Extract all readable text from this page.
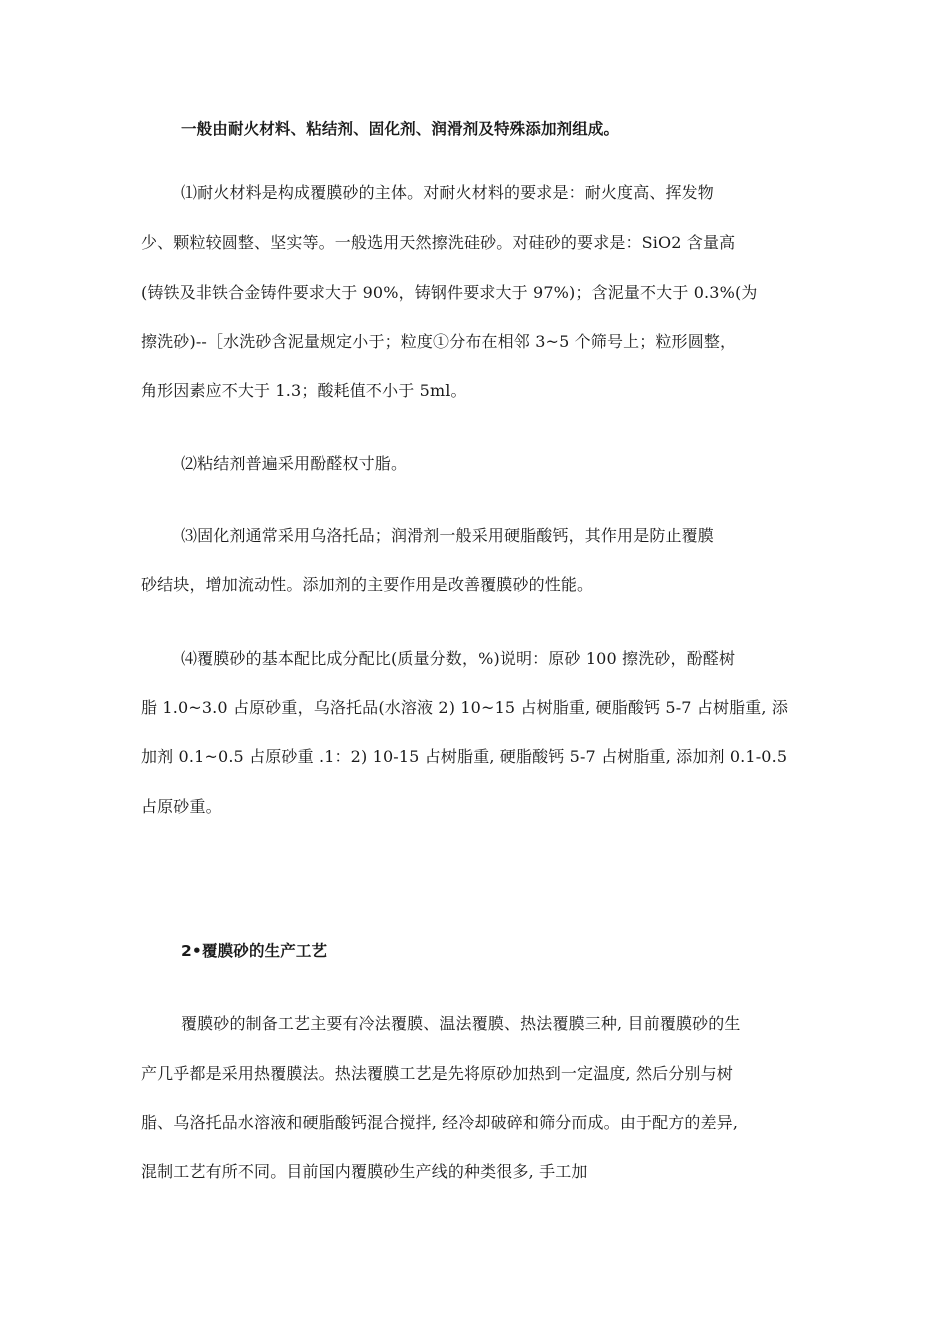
一般由耐火材料、粘结剂、固化剂、润滑剂及特殊添加剂组成。
⑴耐火材料是构成覆膜砂的主体。对耐火材料的要求是：耐火度高、挥发物
少、颗粒较圆整、坚实等。一般选用天然擦洗硅砂。对硅砂的要求是：SiO2 含量高
(铸铁及非铁合金铸件要求大于 90%，铸钢件要求大于 97%)；含泥量不大于 0.3%(为
擦洗砂)--［水洗砂含泥量规定小于；粒度①分布在相邻 3~5 个筛号上；粒形圆整，
角形因素应不大于 1.3；酸耗值不小于 5ml。
⑵粘结剂普遍采用酚醛权寸脂。
⑶固化剂通常采用乌洛托品；润滑剂一般采用硬脂酸钙，其作用是防止覆膜
砂结块，增加流动性。添加剂的主要作用是改善覆膜砂的性能。
⑷覆膜砂的基本配比成分配比(质量分数，%)说明：原砂 100 擦洗砂，酚醛树
脂 1.0~3.0 占原砂重，乌洛托品(水溶液 2) 10~15 占树脂重, 硬脂酸钙 5-7 占树脂重, 添
加剂 0.1~0.5 占原砂重 .1：2) 10-15 占树脂重, 硬脂酸钙 5-7 占树脂重, 添加剂 0.1-0.5
占原砂重。
2•覆膜砂的生产工艺
覆膜砂的制备工艺主要有冷法覆膜、温法覆膜、热法覆膜三种, 目前覆膜砂的生
产几乎都是采用热覆膜法。热法覆膜工艺是先将原砂加热到一定温度, 然后分别与树
脂、乌洛托品水溶液和硬脂酸钙混合搅拌, 经冷却破碎和筛分而成。由于配方的差异,
混制工艺有所不同。目前国内覆膜砂生产线的种类很多, 手工加
